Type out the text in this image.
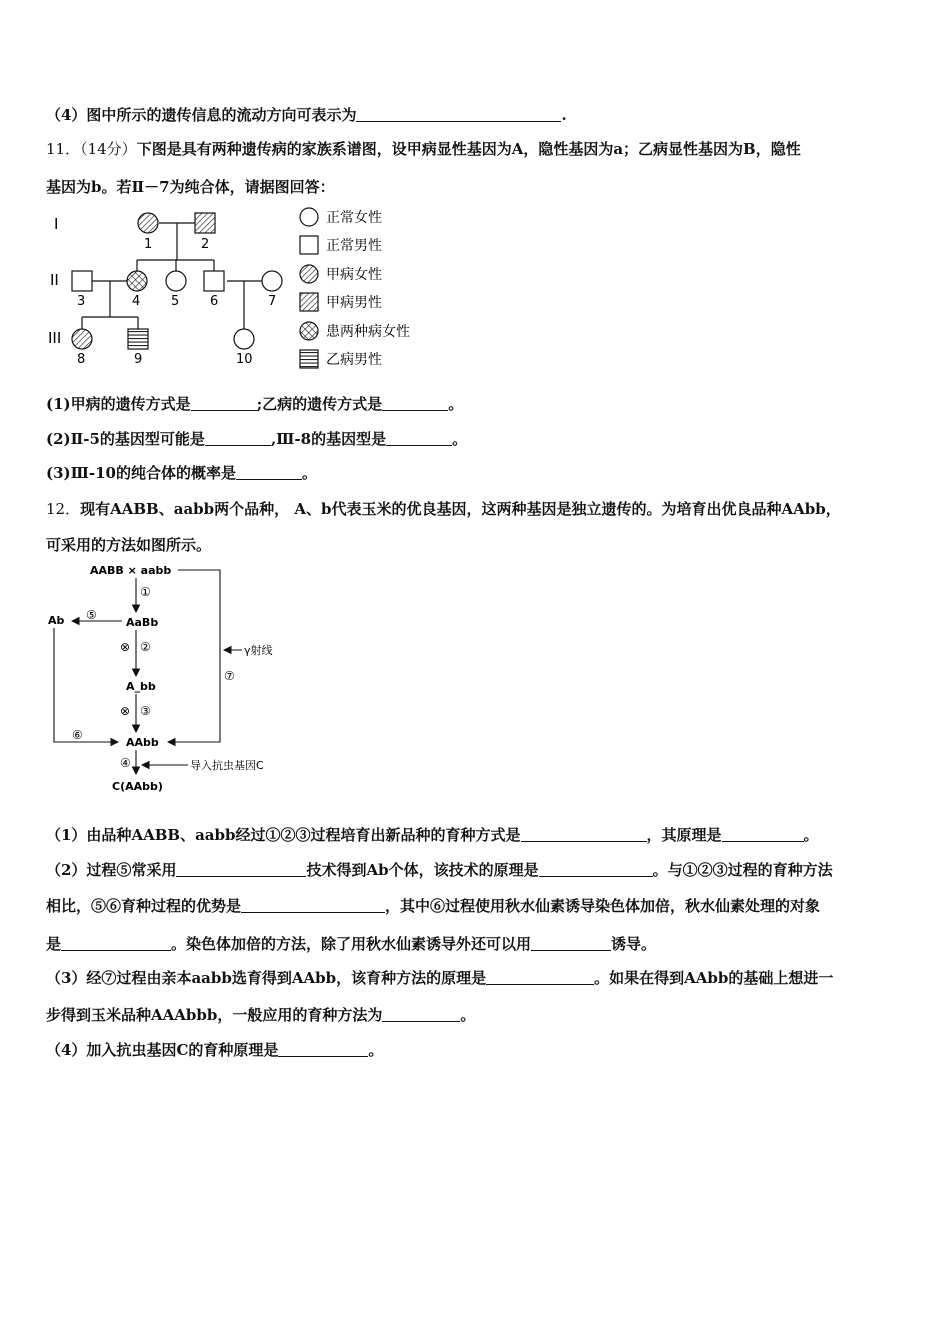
（4）图中所示的遗传信息的流动方向可表示为	.
11．（14分）下图是具有两种遗传病的家族系谱图，设甲病显性基因为A，隐性基因为a；乙病显性基因为B，隐性
基因为b。若Ⅱ－7为纯合体，请据图回答：
I
II
III
1	2
3	4 5 6	7
8	9	10
正常女性
正常男性
甲病女性
甲病男性
患两种病女性
乙病男性
(1)甲病的遗传方式是	;乙病的遗传方式是	。
(2)Ⅱ-5的基因型可能是	,Ⅲ-8的基因型是	。
(3)Ⅲ-10的纯合体的概率是	。
12．现有AABB、aabb两个品种， A、b代表玉米的优良基因，这两种基因是独立遗传的。为培育出优良品种AAbb，
可采用的方法如图所示。
AABB × aabb
Ab	AaBb
A_bb
AAbb
C(AAbb)
γ射线
导入抗虫基因C
①
⊗ ②
⊗ ③
④
⑤
⑥
⑦
（1）由品种AABB、aabb经过①②③过程培育出新品种的育种方式是	，其原理是	。
（2）过程⑤常采用	技术得到Ab个体，该技术的原理是	。与①②③过程的育种方法
相比，⑤⑥育种过程的优势是	，其中⑥过程使用秋水仙素诱导染色体加倍，秋水仙素处理的对象
是	。染色体加倍的方法，除了用秋水仙素诱导外还可以用	诱导。
（3）经⑦过程由亲本aabb选育得到AAbb，该育种方法的原理是	。如果在得到AAbb的基础上想进一
步得到玉米品种AAAbbb，一般应用的育种方法为	。
（4）加入抗虫基因C的育种原理是	。
